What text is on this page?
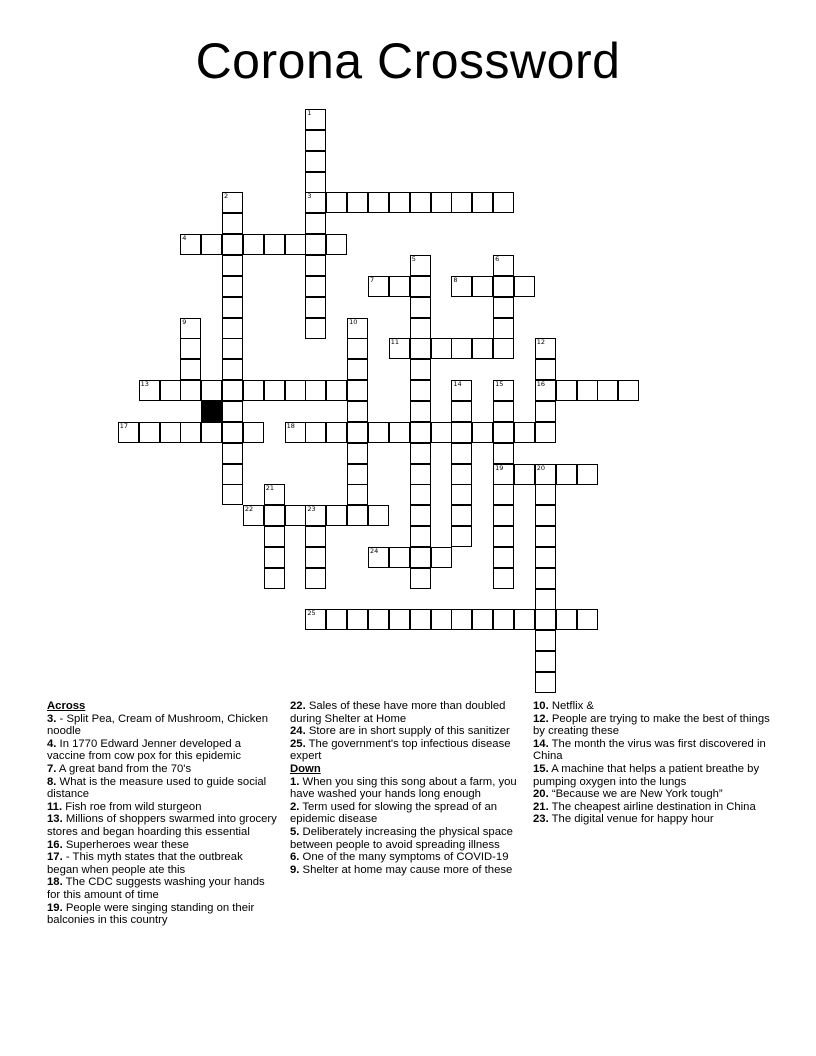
Corona Crossword
1
3
2
4
5	6
7	8
9	10
11	12
16
13	14	15
19
17	18
20
21
22	23
24
25
Across
3. - Split Pea, Cream of Mushroom, Chicken noodle
4. In 1770 Edward Jenner developed a vaccine from cow pox for this epidemic
7. A great band from the 70's
8. What is the measure used to guide social distance
11. Fish roe from wild sturgeon
13. Millions of shoppers swarmed into grocery stores and began hoarding this essential
16. Superheroes wear these
17. - This myth states that the outbreak began when people ate this
18. The CDC suggests washing your hands for this amount of time
19. People were singing standing on their balconies in this country
22. Sales of these have more than doubled during Shelter at Home
24. Store are in short supply of this sanitizer
25. The government's top infectious disease expert
Down
1. When you sing this song about a farm, you have washed your hands long enough
2. Term used for slowing the spread of an epidemic disease
5. Deliberately increasing the physical space between people to avoid spreading illness
6. One of the many symptoms of COVID-19
9. Shelter at home may cause more of these
10. Netflix &
12. People are trying to make the best of things by creating these
14. The month the virus was first discovered in China
15. A machine that helps a patient breathe by pumping oxygen into the lungs
20. “Because we are New York tough”
21. The cheapest airline destination in China
23. The digital venue for happy hour
